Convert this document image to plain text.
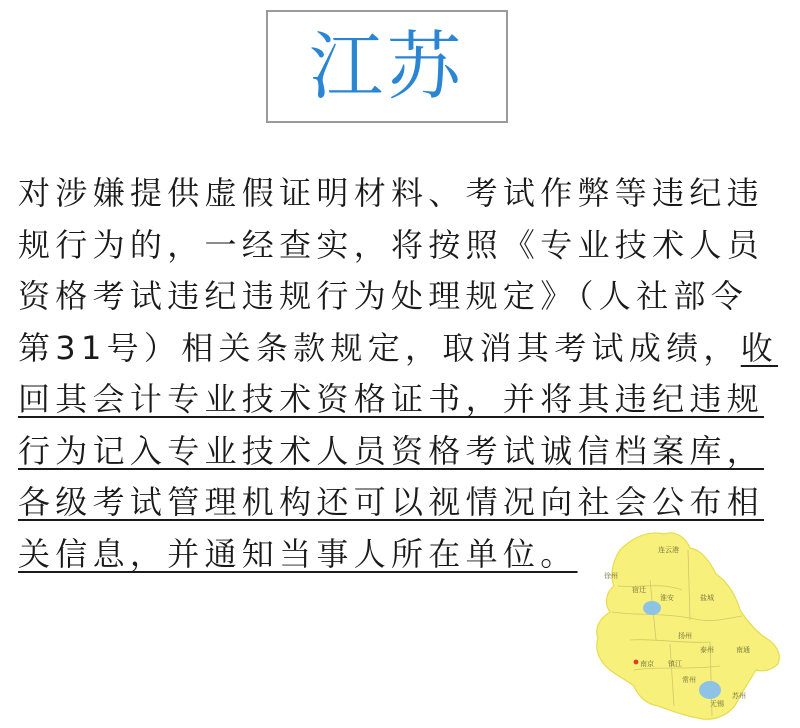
江苏
对涉嫌提供虚假证明材料、考试作弊等违纪违
规行为的，一经查实，将按照《专业技术人员
资格考试违纪违规行为处理规定》（人社部令
第31号）相关条款规定，取消其考试成绩，收
回其会计专业技术资格证书，并将其违纪违规
行为记入专业技术人员资格考试诚信档案库，
各级考试管理机构还可以视情况向社会公布相
关信息，并通知当事人所在单位。	连云港
徐州
宿迁
淮安	盐城
扬州
泰州	南通
南京 镇江
常州
无锡
苏州
